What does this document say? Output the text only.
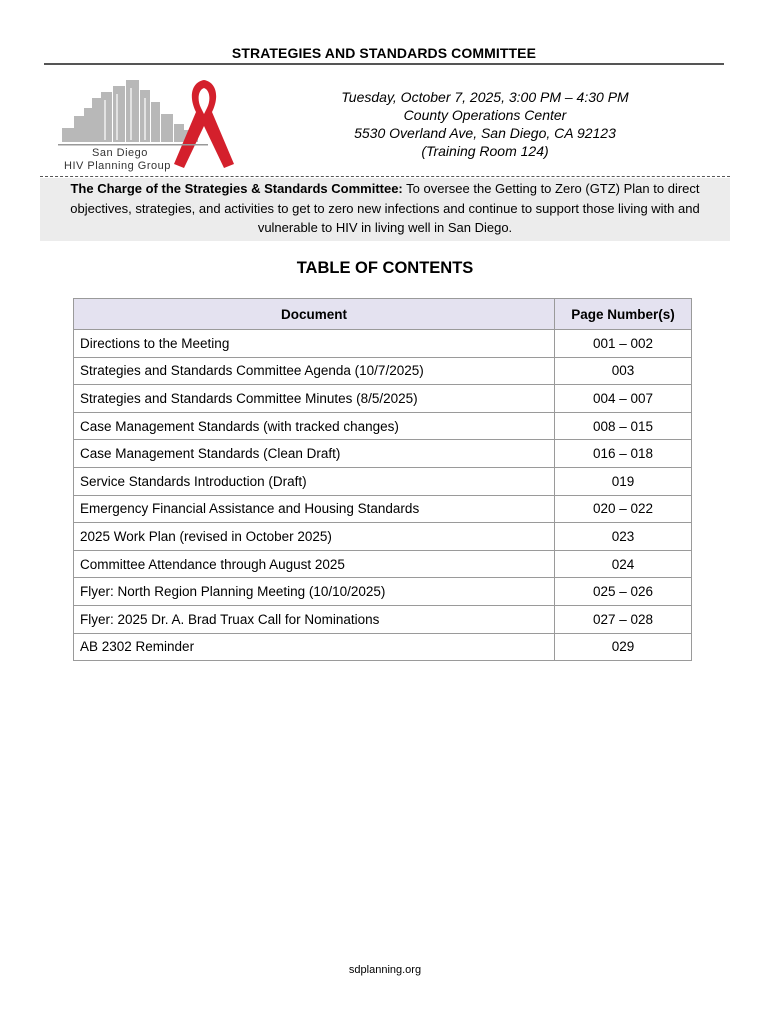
STRATEGIES AND STANDARDS COMMITTEE
San Diego
HIV Planning Group
Tuesday, October 7, 2025, 3:00 PM – 4:30 PM
County Operations Center
5530 Overland Ave, San Diego, CA 92123
(Training Room 124)
The Charge of the Strategies & Standards Committee: To oversee the Getting to Zero (GTZ) Plan to direct objectives, strategies, and activities to get to zero new infections and continue to support those living with and vulnerable to HIV in living well in San Diego.
TABLE OF CONTENTS
Document	Page Number(s)
Directions to the Meeting	001 – 002
Strategies and Standards Committee Agenda (10/7/2025)	003
Strategies and Standards Committee Minutes (8/5/2025)	004 – 007
Case Management Standards (with tracked changes)	008 – 015
Case Management Standards (Clean Draft)	016 – 018
Service Standards Introduction (Draft)	019
Emergency Financial Assistance and Housing Standards	020 – 022
2025 Work Plan (revised in October 2025)	023
Committee Attendance through August 2025	024
Flyer: North Region Planning Meeting (10/10/2025)	025 – 026
Flyer: 2025 Dr. A. Brad Truax Call for Nominations	027 – 028
AB 2302 Reminder	029
sdplanning.org
